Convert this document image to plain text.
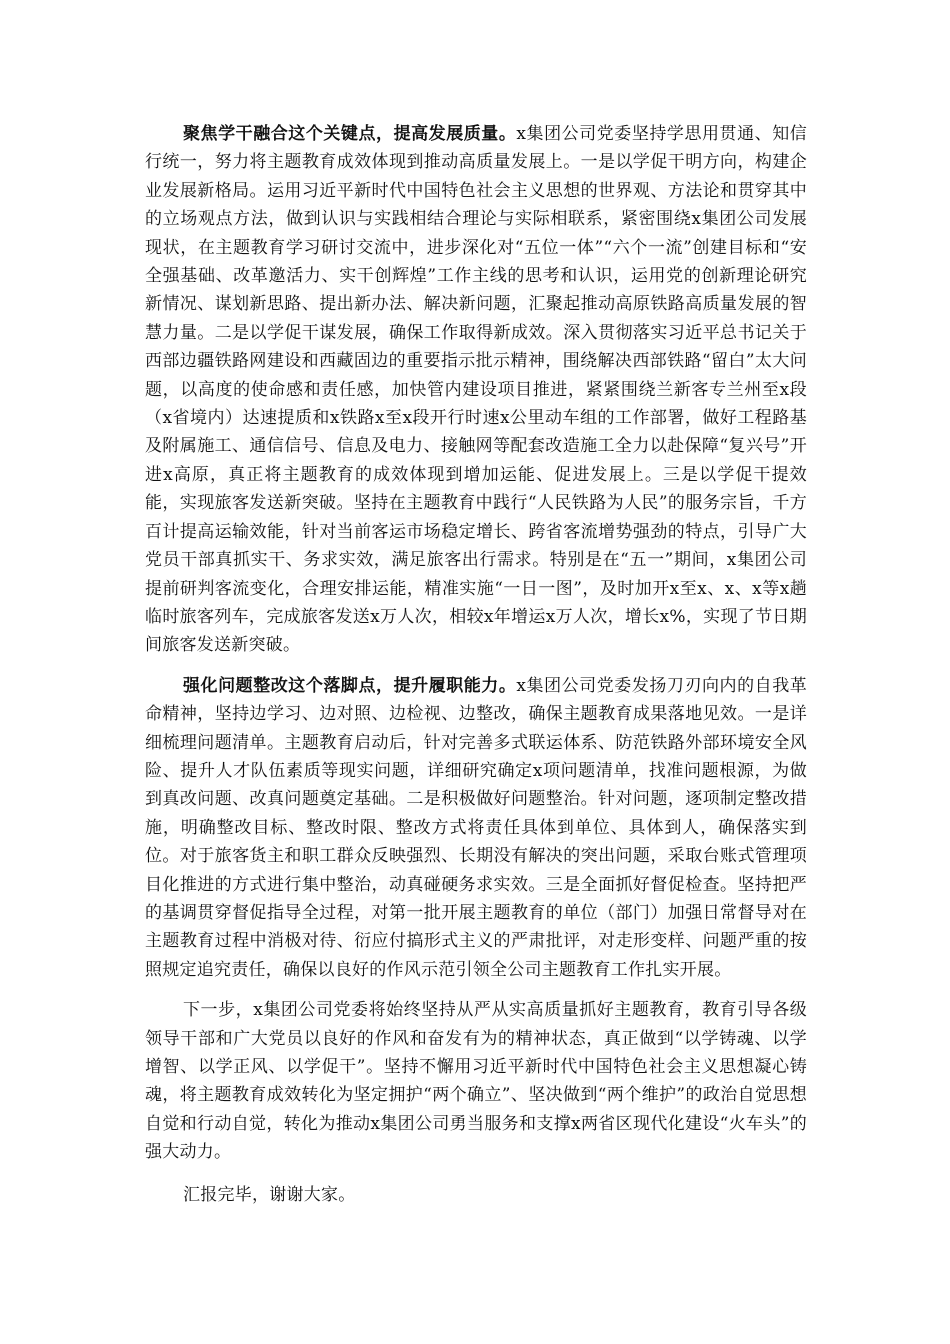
聚焦学干融合这个关键点，提高发展质量。x集团公司党委坚持学思用贯通、知信行统一，努力将主题教育成效体现到推动高质量发展上。一是以学促干明方向，构建企业发展新格局。运用习近平新时代中国特色社会主义思想的世界观、方法论和贯穿其中的立场观点方法，做到认识与实践相结合理论与实际相联系，紧密围绕x集团公司发展现状，在主题教育学习研讨交流中，进步深化对“五位一体”“六个一流”创建目标和“安全强基础、改革邀活力、实干创辉煌”工作主线的思考和认识，运用党的创新理论研究新情况、谋划新思路、提出新办法、解决新问题，汇聚起推动高原铁路高质量发展的智慧力量。二是以学促干谋发展，确保工作取得新成效。深入贯彻落实习近平总书记关于西部边疆铁路网建设和西藏固边的重要指示批示精神，围绕解决西部铁路“留白”太大问题，以高度的使命感和责任感，加快管内建设项目推进，紧紧围绕兰新客专兰州至x段（x省境内）达速提质和x铁路x至x段开行时速x公里动车组的工作部署，做好工程路基及附属施工、通信信号、信息及电力、接触网等配套改造施工全力以赴保障“复兴号”开进x高原，真正将主题教育的成效体现到增加运能、促进发展上。三是以学促干提效能，实现旅客发送新突破。坚持在主题教育中践行“人民铁路为人民”的服务宗旨，千方百计提高运输效能，针对当前客运市场稳定增长、跨省客流增势强劲的特点，引导广大党员干部真抓实干、务求实效，满足旅客出行需求。特别是在“五一”期间，x集团公司提前研判客流变化，合理安排运能，精准实施“一日一图”，及时加开x至x、x、x等x趟临时旅客列车，完成旅客发送x万人次，相较x年增运x万人次，增长x%，实现了节日期间旅客发送新突破。

强化问题整改这个落脚点，提升履职能力。x集团公司党委发扬刀刃向内的自我革命精神，坚持边学习、边对照、边检视、边整改，确保主题教育成果落地见效。一是详细梳理问题清单。主题教育启动后，针对完善多式联运体系、防范铁路外部环境安全风险、提升人才队伍素质等现实问题，详细研究确定x项问题清单，找准问题根源，为做到真改问题、改真问题奠定基础。二是积极做好问题整治。针对问题，逐项制定整改措施，明确整改目标、整改时限、整改方式将责任具体到单位、具体到人，确保落实到位。对于旅客货主和职工群众反映强烈、长期没有解决的突出问题，采取台账式管理项目化推进的方式进行集中整治，动真碰硬务求实效。三是全面抓好督促检查。坚持把严的基调贯穿督促指导全过程，对第一批开展主题教育的单位（部门）加强日常督导对在主题教育过程中消极对待、衍应付搞形式主义的严肃批评，对走形变样、问题严重的按照规定追究责任，确保以良好的作风示范引领全公司主题教育工作扎实开展。

下一步，x集团公司党委将始终坚持从严从实高质量抓好主题教育，教育引导各级领导干部和广大党员以良好的作风和奋发有为的精神状态，真正做到“以学铸魂、以学增智、以学正风、以学促干”。坚持不懈用习近平新时代中国特色社会主义思想凝心铸魂，将主题教育成效转化为坚定拥护“两个确立”、坚决做到“两个维护”的政治自觉思想自觉和行动自觉，转化为推动x集团公司勇当服务和支撑x两省区现代化建设“火车头”的强大动力。

汇报完毕，谢谢大家。
